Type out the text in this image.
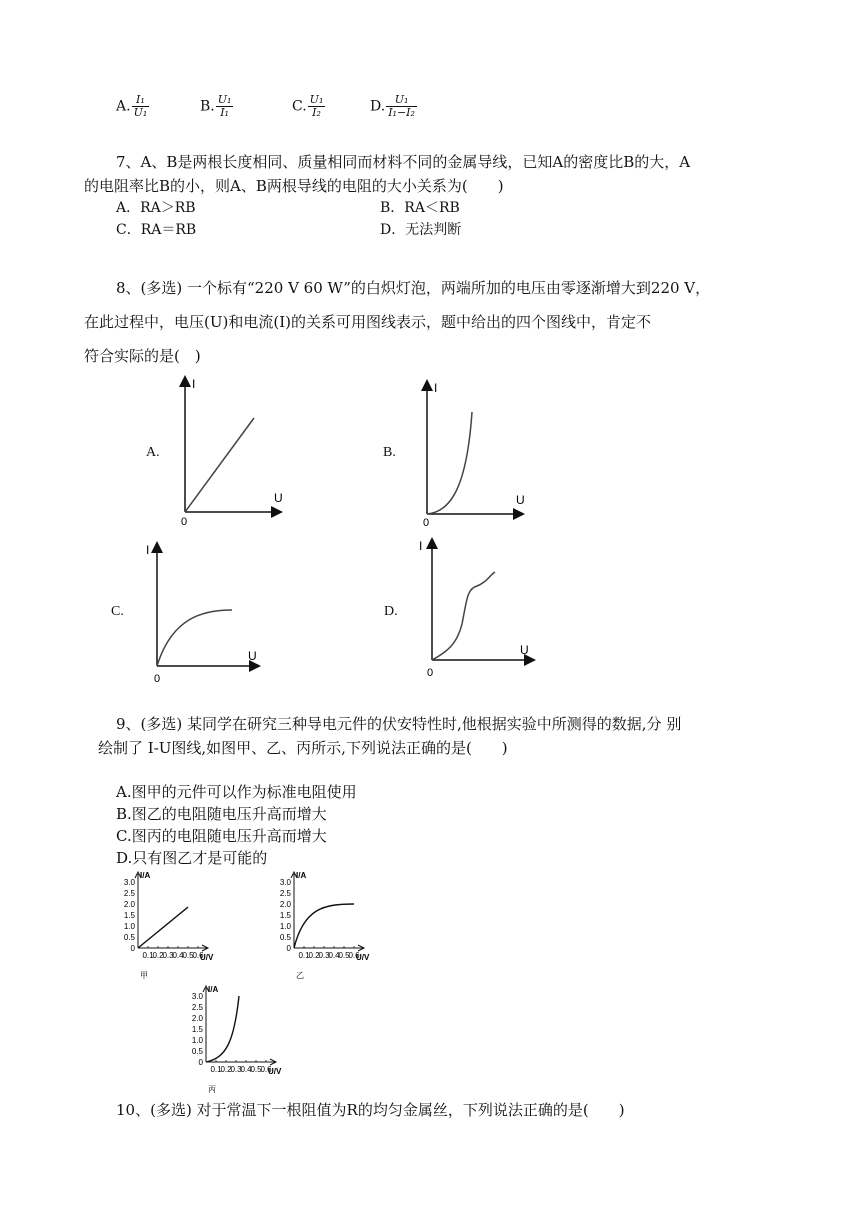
A. $\frac{\text{I₁}}{\text{U₁}}$	B. $\frac{\text{U₁}}{\text{I₁}}$	C. $\frac{\text{U₁}}{\text{I₂}}$	D. $\frac{\text{U₁}}{\text{I₁−I₂}}$
7、A、B是两根长度相同、质量相同而材料不同的金属导线，已知A的密度比B的大，A
的电阻率比B的小，则A、B两根导线的电阻的大小关系为(　　)
A．RA＞RB	B．RA＜RB
C．RA＝RB	D．无法判断
8、(多选) 一个标有“220 V 60 W”的白炽灯泡，两端所加的电压由零逐渐增大到220 V，
在此过程中，电压(U)和电流(I)的关系可用图线表示，题中给出的四个图线中，肯定不
符合实际的是(　)
A.
I
U
0
B.
I
U
0
C.
I
U
0
D.
I
U
0
9、(多选) 某同学在研究三种导电元件的伏安特性时,他根据实验中所测得的数据,分 别
绘制了 I-U图线,如图甲、乙、丙所示,下列说法正确的是(　　)
A.图甲的元件可以作为标准电阻使用
B.图乙的电阻随电压升高而增大
C.图丙的电阻随电压升高而增大
D.只有图乙才是可能的
I/A
U/V
3.0
2.5
2.0
1.5
1.0
0.5
0
0.1
0.2
0.3
0.4
0.5
0.6
甲
I/A
U/V
3.0
2.5
2.0
1.5
1.0
0.5
0
0.1
0.2
0.3
0.4
0.5
0.6
乙
I/A
U/V
3.0
2.5
2.0
1.5
1.0
0.5
0
0.1
0.2
0.3
0.4
0.5
0.6
丙
10、(多选) 对于常温下一根阻值为R的均匀金属丝，下列说法正确的是(　　)
